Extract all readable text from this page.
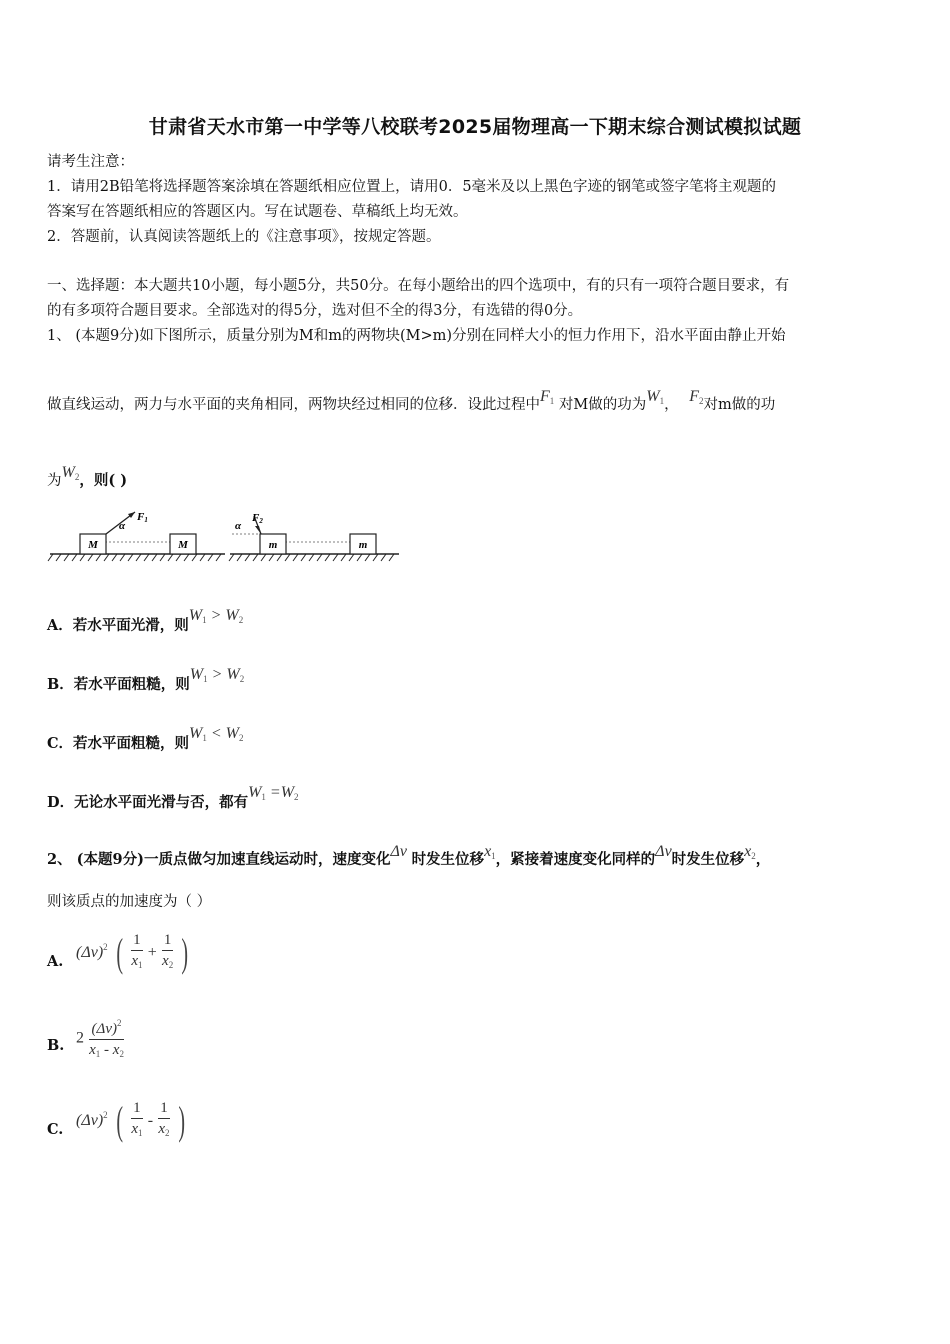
甘肃省天水市第一中学等八校联考2025届物理高一下期末综合测试模拟试题
请考生注意：
1．请用2B铅笔将选择题答案涂填在答题纸相应位置上，请用0．5毫米及以上黑色字迹的钢笔或签字笔将主观题的
答案写在答题纸相应的答题区内。写在试题卷、草稿纸上均无效。
2．答题前，认真阅读答题纸上的《注意事项》，按规定答题。
一、选择题：本大题共10小题，每小题5分，共50分。在每小题给出的四个选项中，有的只有一项符合题目要求，有
的有多项符合题目要求。全部选对的得5分，选对但不全的得3分，有选错的得0分。
1、 (本题9分)如下图所示，质量分别为M和m的两物块(M>m)分别在同样大小的恒力作用下，沿水平面由静止开始
做直线运动，两力与水平面的夹角相同，两物块经过相同的位移．设此过程中$F_1$ 对M做的功为$W_1$， $F_2$对m做的功
为$W_2$，则( )
M
F1
α
M
F2
α
m	m
A．若水平面光滑，则$W_1 > W_2$
B．若水平面粗糙，则$W_1 > W_2$
C．若水平面粗糙，则$W_1 < W_2$
D．无论水平面光滑与否，都有$W_1 =W_2$
2、 (本题9分)一质点做匀加速直线运动时，速度变化Δv 时发生位移$x_1$，紧接着速度变化同样的Δv时发生位移$x_2$，
则该质点的加速度为（ ）
A.
$(\Delta v)^2$ ( $\frac{1}{x_1} + \frac{1}{x_2}$ )
B. $2 \frac{(\Delta v)^2}{x_1 - x_2}$
C.
$(\Delta v)^2$ ( $\frac{1}{x_1} - \frac{1}{x_2}$ )
